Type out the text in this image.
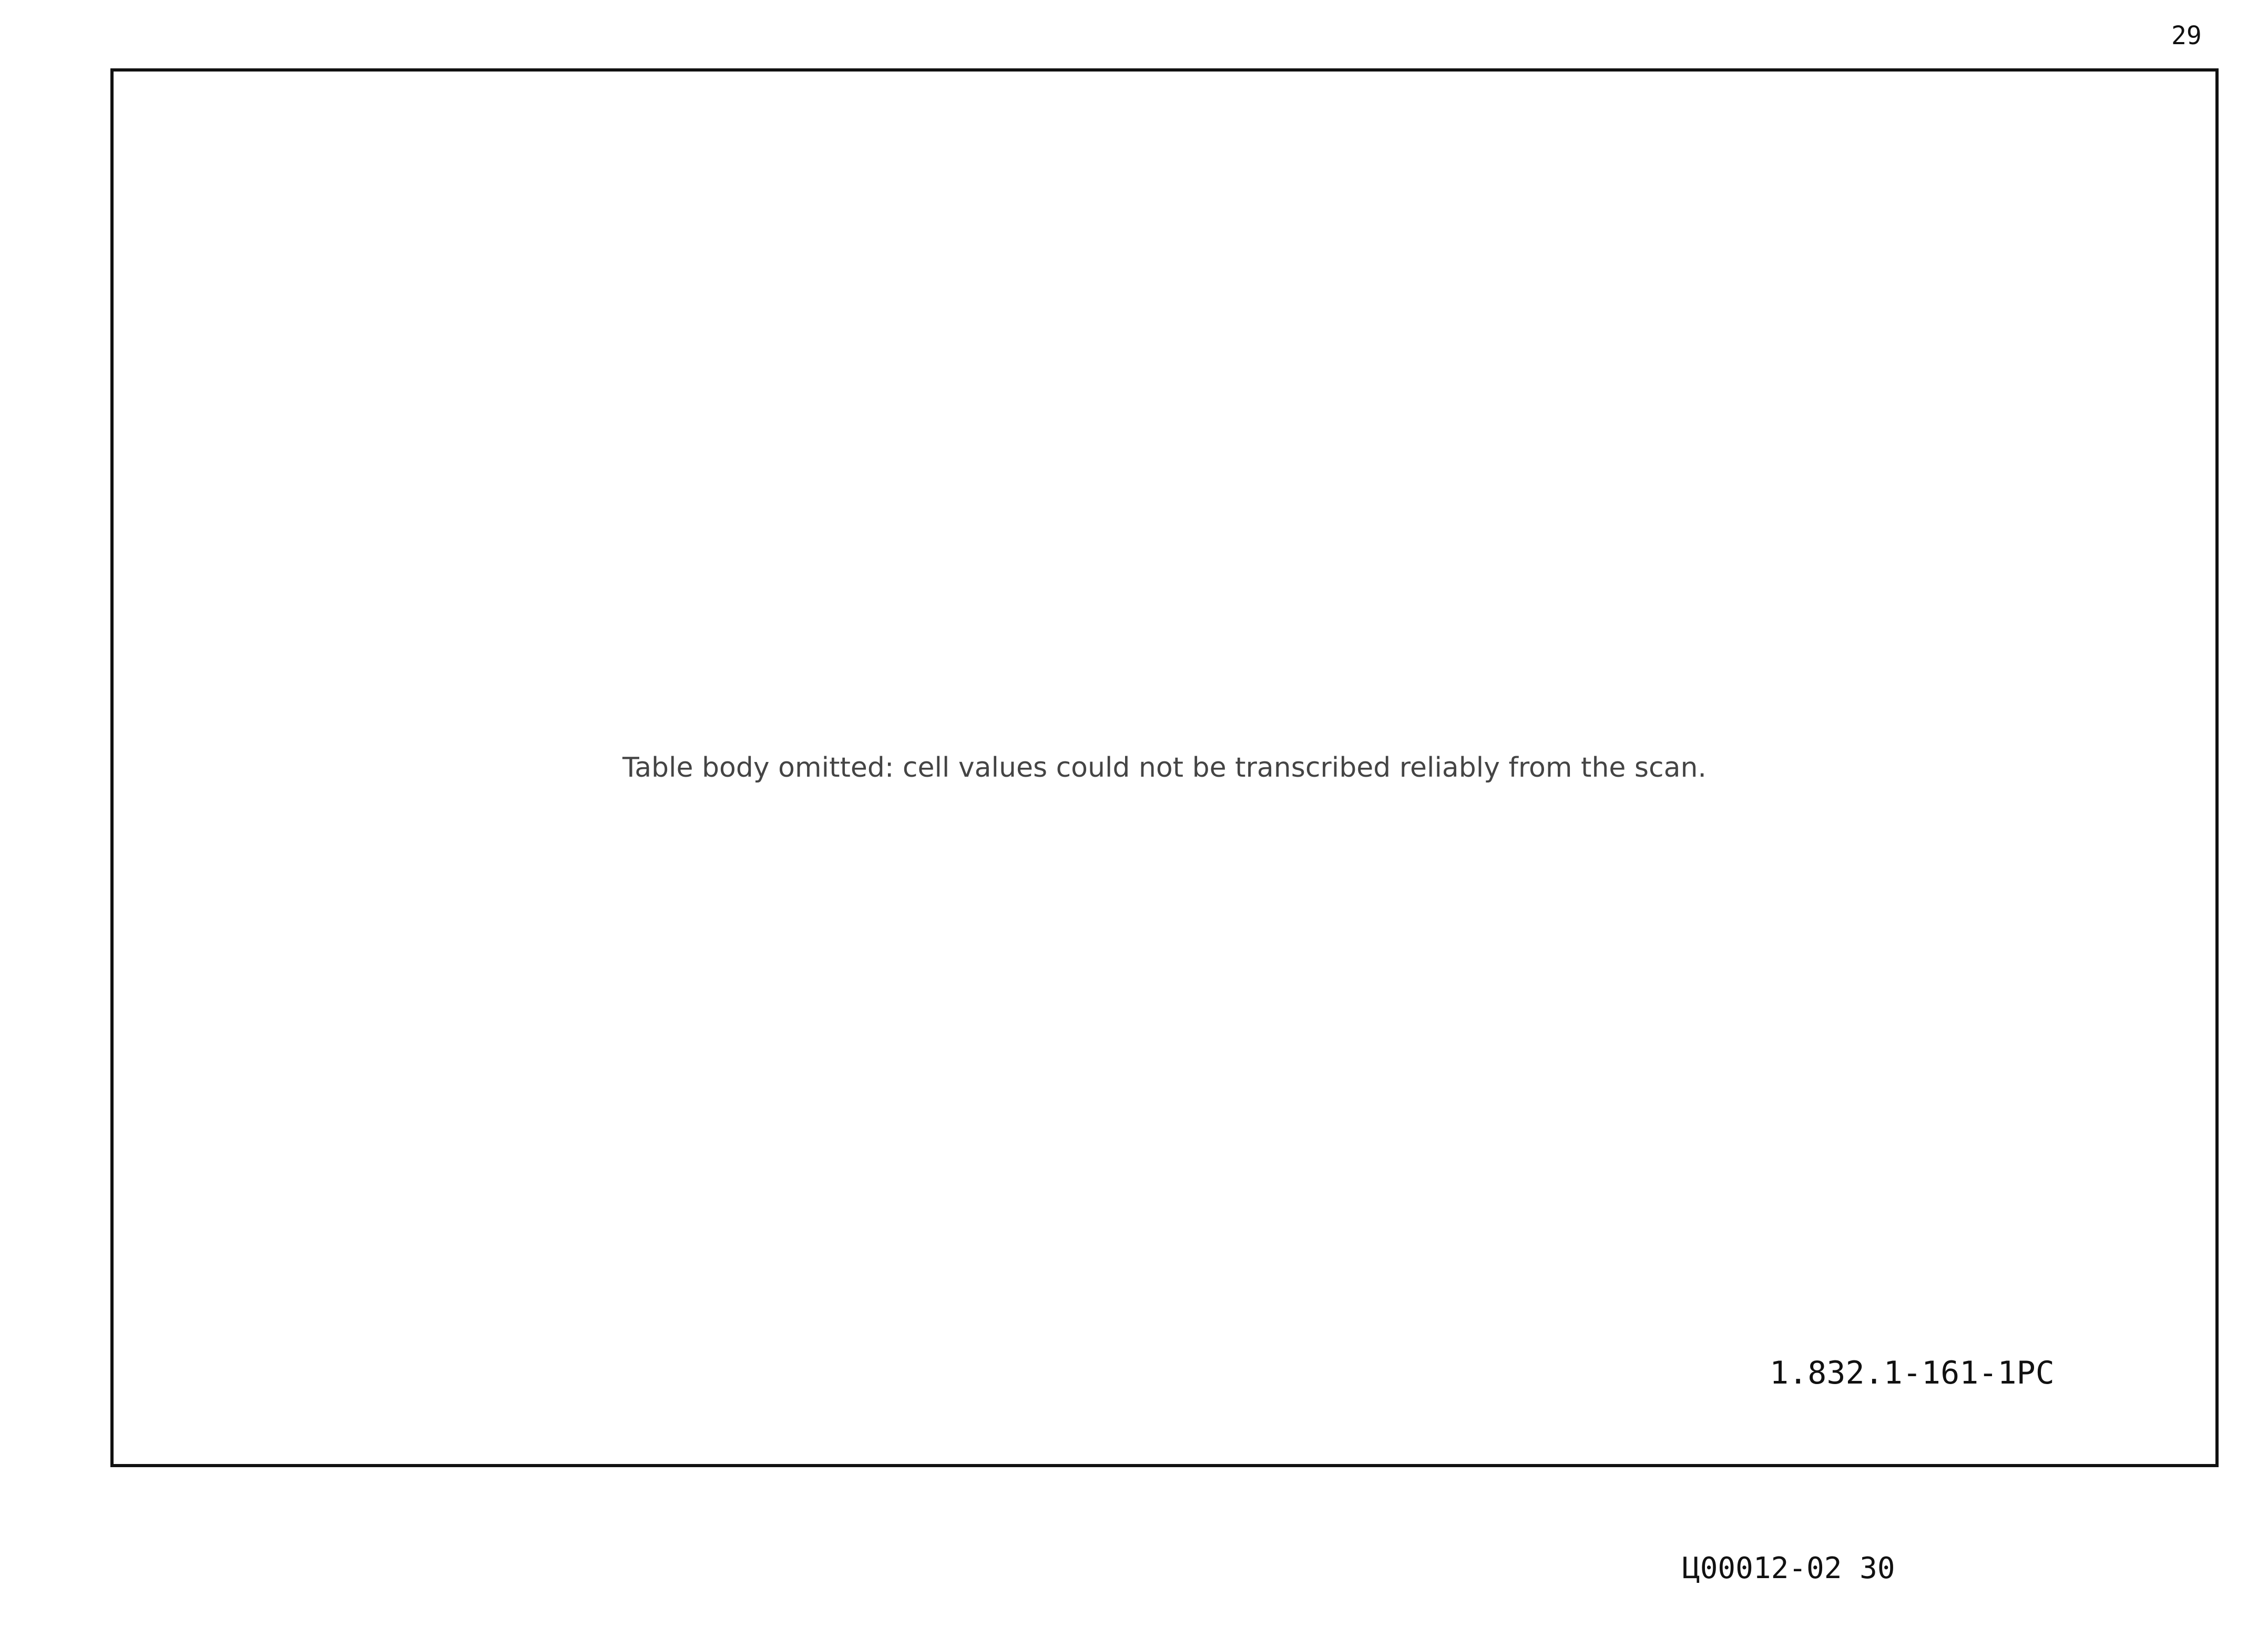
29
Table body omitted: cell values could not be transcribed reliably from the scan.
1.832.1-161-1РС
Ц00012-02 30
